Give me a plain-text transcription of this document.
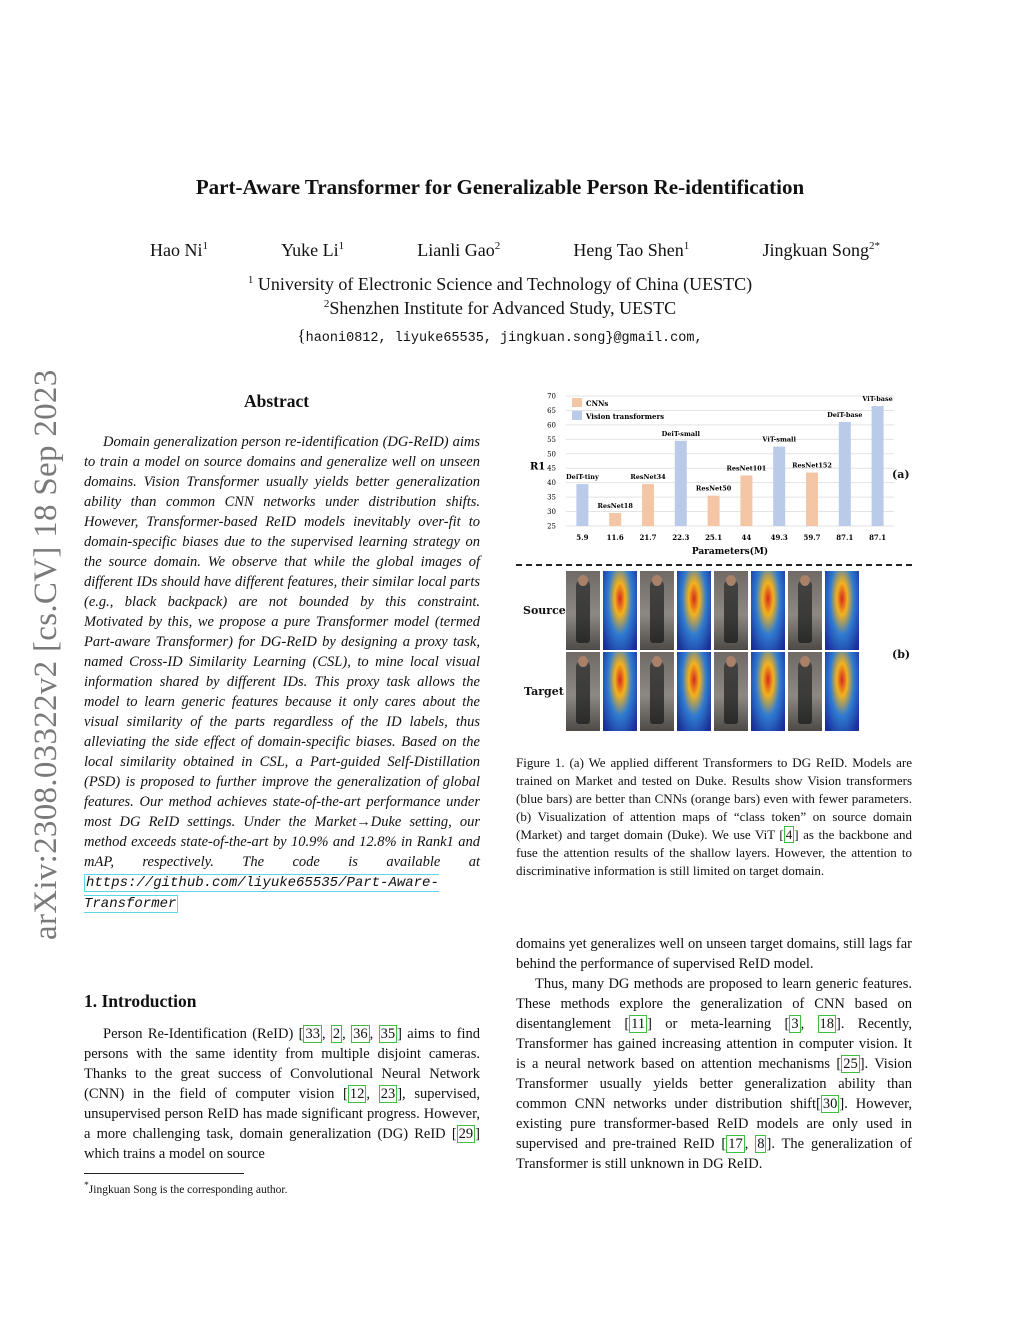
arXiv:2308.03322v2 [cs.CV] 18 Sep 2023
Part-Aware Transformer for Generalizable Person Re-identification
Hao Ni$^1$	Yuke Li$^1$	Lianli Gao$^2$	Heng Tao Shen$^1$	Jingkuan Song$^{2*}$
$^1$ University of Electronic Science and Technology of China (UESTC)
$^2$Shenzhen Institute for Advanced Study, UESTC
{haoni0812, liyuke65535, jingkuan.song}@gmail.com,
Abstract
Domain generalization person re-identification (DG-ReID) aims to train a model on source domains and generalize well on unseen domains. Vision Transformer usually yields better generalization ability than common CNN networks under distribution shifts. However, Transformer-based ReID models inevitably over-fit to domain-specific biases due to the supervised learning strategy on the source domain. We observe that while the global images of different IDs should have different features, their similar local parts (e.g., black backpack) are not bounded by this constraint. Motivated by this, we propose a pure Transformer model (termed Part-aware Transformer) for DG-ReID by designing a proxy task, named Cross-ID Similarity Learning (CSL), to mine local visual information shared by different IDs. This proxy task allows the model to learn generic features because it only cares about the visual similarity of the parts regardless of the ID labels, thus alleviating the side effect of domain-specific biases. Based on the local similarity obtained in CSL, a Part-guided Self-Distillation (PSD) is proposed to further improve the generalization of global features. Our method achieves state-of-the-art performance under most DG ReID settings. Under the Market→Duke setting, our method exceeds state-of-the-art by 10.9% and 12.8% in Rank1 and mAP, respectively. The code is available at https://github.com/liyuke65535/Part-Aware-Transformer
1. Introduction
Person Re-Identification (ReID) [ 33 , 2 , 36 , 35 ] aims to find persons with the same identity from multiple disjoint cameras. Thanks to the great success of Convolutional Neural Network (CNN) in the field of computer vision [ 12 , 23 ], supervised, unsupervised person ReID has made significant progress. However, a more challenging task, domain generalization (DG) ReID [ 29 ] which trains a model on source
*Jingkuan Song is the corresponding author.
domains yet generalizes well on unseen target domains, still lags far behind the performance of supervised ReID model.
Thus, many DG methods are proposed to learn generic features. These methods explore the generalization of CNN based on disentanglement [ 11 ] or meta-learning [ 3 , 18 ]. Recently, Transformer has gained increasing attention in computer vision. It is a neural network based on attention mechanisms [ 25 ]. Vision Transformer usually yields better generalization ability than common CNN networks under distribution shift[ 30 ]. However, existing pure transformer-based ReID models are only used in supervised and pre-trained ReID [ 17 , 8 ]. The generalization of Transformer is still unknown in DG ReID.
25
30
35
40
45
50
55
60
65
70
R1
5.9
DeiT-tiny
11.6
ResNet18
21.7
ResNet34
22.3
DeiT-small
25.1
ResNet50
44
ResNet101
49.3
ViT-small
59.7
ResNet152
87.1
DeiT-base
87.1
ViT-base
Parameters(M)
CNNs
Vision transformers
(a)
Source
Target
(b)
Figure 1. (a) We applied different Transformers to DG ReID. Models are trained on Market and tested on Duke. Results show Vision transformers (blue bars) are better than CNNs (orange bars) even with fewer parameters. (b) Visualization of attention maps of “class token” on source domain (Market) and target domain (Duke). We use ViT [ 4 ] as the backbone and fuse the attention results of the shallow layers. However, the attention to discriminative information is still limited on target domain.
